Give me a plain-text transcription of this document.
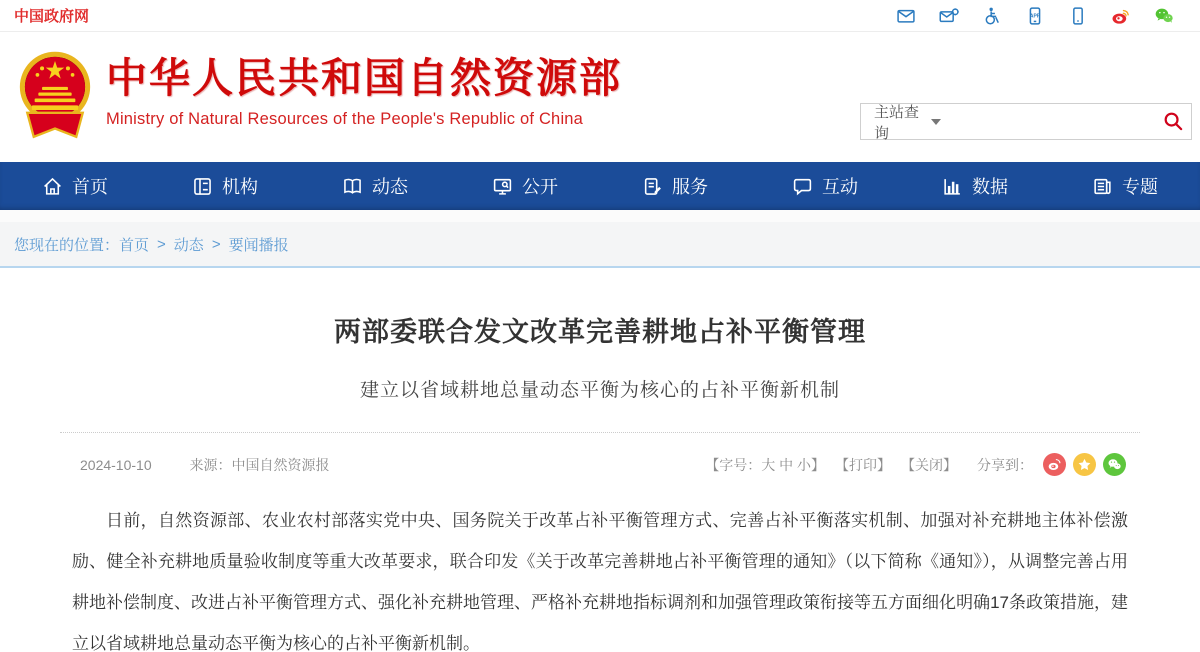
中国政府网	APP
中华人民共和国自然资源部
Ministry of Natural Resources of the People's Republic of China	主站查询
首页	机构	动态	公开	服务	互动	数据	专题
您现在的位置： 首页 > 动态 > 要闻播报
两部委联合发文改革完善耕地占补平衡管理
建立以省域耕地总量动态平衡为核心的占补平衡新机制
2024-10-10	来源：中国自然资源报	【字号：大 中 小】 【打印】 【关闭】 分享到：

日前，自然资源部、农业农村部落实党中央、国务院关于改革占补平衡管理方式、完善占补平衡落实机制、加强对补充耕地主体补偿激励、健全补充耕地质量验收制度等重大改革要求，联合印发《关于改革完善耕地占补平衡管理的通知》（以下简称《通知》），从调整完善占用耕地补偿制度、改进占补平衡管理方式、强化补充耕地管理、严格补充耕地指标调剂和加强管理政策衔接等五方面细化明确17条政策措施，建立以省域耕地总量动态平衡为核心的占补平衡新机制。
